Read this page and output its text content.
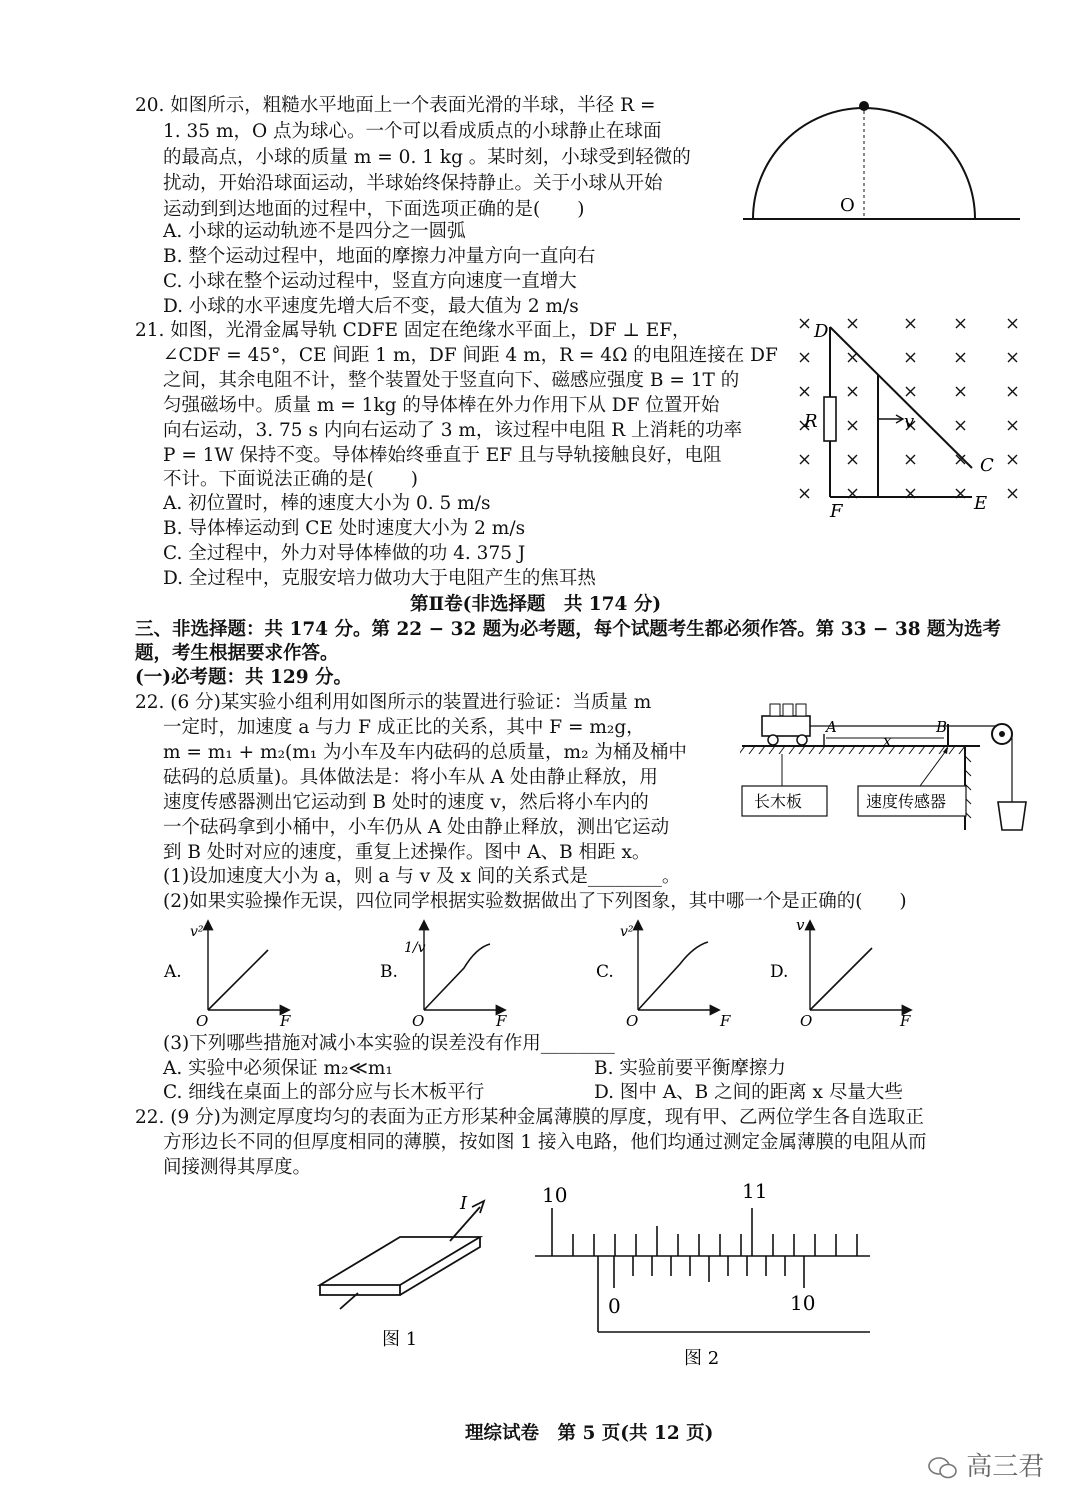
20. 如图所示，粗糙水平地面上一个表面光滑的半球，半径 R =
1. 35 m，O 点为球心。一个可以看成质点的小球静止在球面
的最高点，小球的质量 m = 0. 1 kg 。某时刻，小球受到轻微的
扰动，开始沿球面运动，半球始终保持静止。关于小球从开始
运动到到达地面的过程中，下面选项正确的是(　　)
A. 小球的运动轨迹不是四分之一圆弧
B. 整个运动过程中，地面的摩擦力冲量方向一直向右
C. 小球在整个运动过程中，竖直方向速度一直增大
D. 小球的水平速度先增大后不变，最大值为 2 m/s
O
21. 如图，光滑金属导轨 CDFE 固定在绝缘水平面上，DF ⊥ EF，
∠CDF = 45°，CE 间距 1 m，DF 间距 4 m，R = 4Ω 的电阻连接在 DF
之间，其余电阻不计，整个装置处于竖直向下、磁感应强度 B = 1T 的
匀强磁场中。质量 m = 1kg 的导体棒在外力作用下从 DF 位置开始
向右运动，3. 75 s 内向右运动了 3 m，该过程中电阻 R 上消耗的功率
P = 1W 保持不变。导体棒始终垂直于 EF 且与导轨接触良好，电阻
不计。下面说法正确的是(　　)
A. 初位置时，棒的速度大小为 0. 5 m/s
B. 导体棒运动到 CE 处时速度大小为 2 m/s
C. 全过程中，外力对导体棒做的功 4. 375 J
D. 全过程中，克服安培力做功大于电阻产生的焦耳热
D
R	v
C
E
F
第Ⅱ卷(非选择题　共 174 分)
三、非选择题：共 174 分。第 22 − 32 题为必考题，每个试题考生都必须作答。第 33 − 38 题为选考
题，考生根据要求作答。
(一)必考题：共 129 分。
22. (6 分)某实验小组利用如图所示的装置进行验证：当质量 m
一定时，加速度 a 与力 F 成正比的关系，其中 F = m₂g，
m = m₁ + m₂(m₁ 为小车及车内砝码的总质量，m₂ 为桶及桶中
砝码的总质量)。具体做法是：将小车从 A 处由静止释放，用
速度传感器测出它运动到 B 处时的速度 v，然后将小车内的
一个砝码拿到小桶中，小车仍从 A 处由静止释放，测出它运动
到 B 处时对应的速度，重复上述操作。图中 A、B 相距 x。
(1)设加速度大小为 a，则 a 与 v 及 x 间的关系式是________。
(2)如果实验操作无误，四位同学根据实验数据做出了下列图象，其中哪一个是正确的(　　)
A	B
x
长木板	速度传感器
A.
v²
F
O
B.
1/v
F
O
C.
v²
F
O
D.
v
F
O
(3)下列哪些措施对减小本实验的误差没有作用________
A. 实验中必须保证 m₂≪m₁	B. 实验前要平衡摩擦力
C. 细线在桌面上的部分应与长木板平行	D. 图中 A、B 之间的距离 x 尽量大些
22. (9 分)为测定厚度均匀的表面为正方形某种金属薄膜的厚度，现有甲、乙两位学生各自选取正
方形边长不同的但厚度相同的薄膜，按如图 1 接入电路，他们均通过测定金属薄膜的电阻从而
间接测得其厚度。
I
图 1
10	11
0	10
图 2
理综试卷　第 5 页(共 12 页)
高三君
